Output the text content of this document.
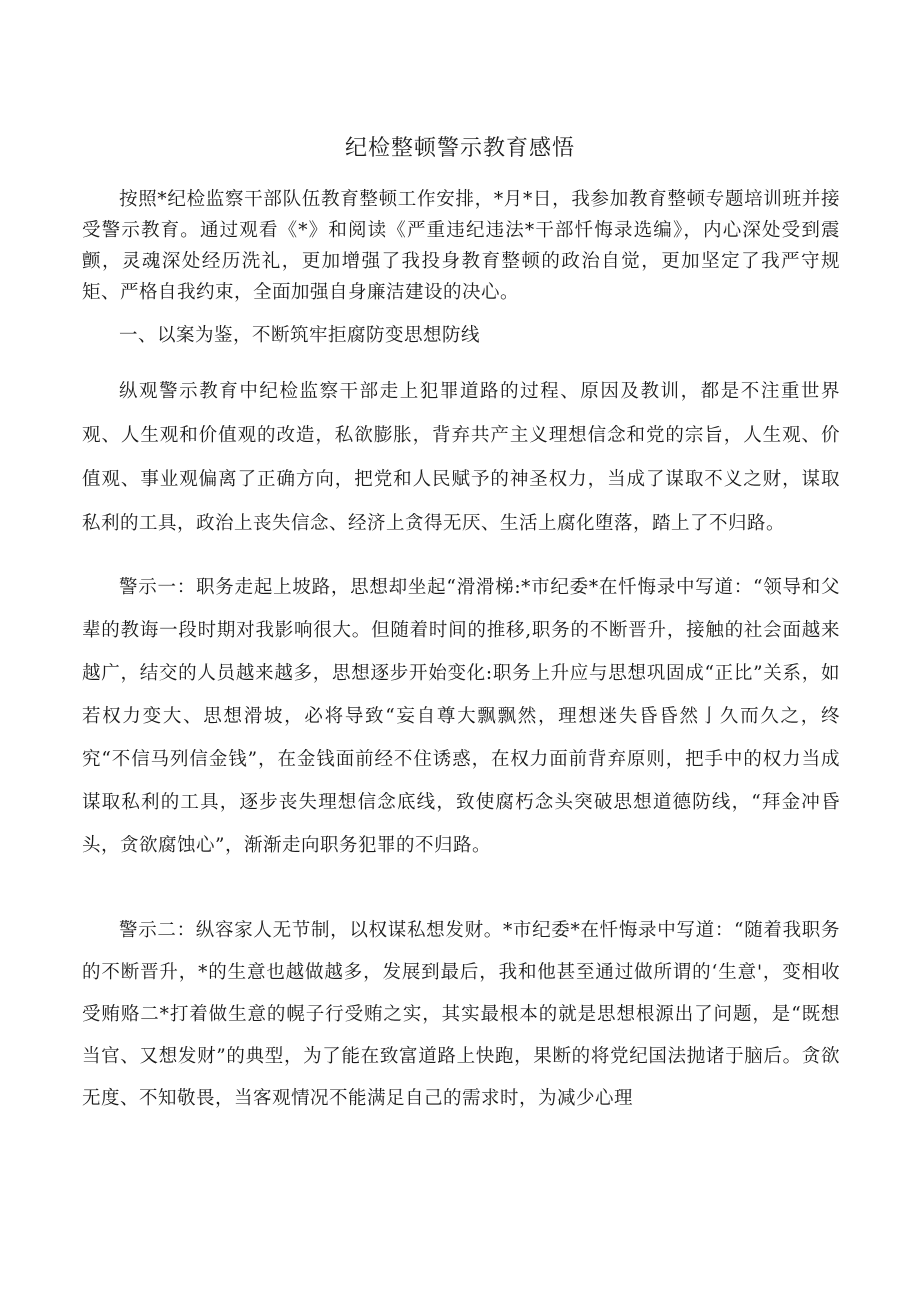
纪检整顿警示教育感悟

按照*纪检监察干部队伍教育整顿工作安排，*月*日，我参加教育整顿专题培训班并接受警示教育。通过观看《*》和阅读《严重违纪违法*干部忏悔录选编》，内心深处受到震颤，灵魂深处经历洗礼，更加增强了我投身教育整顿的政治自觉，更加坚定了我严守规矩、严格自我约束，全面加强自身廉洁建设的决心。

一、以案为鉴，不断筑牢拒腐防变思想防线

纵观警示教育中纪检监察干部走上犯罪道路的过程、原因及教训，都是不注重世界观、人生观和价值观的改造，私欲膨胀，背弃共产主义理想信念和党的宗旨，人生观、价值观、事业观偏离了正确方向，把党和人民赋予的神圣权力，当成了谋取不义之财，谋取私利的工具，政治上丧失信念、经济上贪得无厌、生活上腐化堕落，踏上了不归路。

警示一：职务走起上坡路，思想却坐起“滑滑梯:*市纪委*在忏悔录中写道：“领导和父辈的教诲一段时期对我影响很大。但随着时间的推移,职务的不断晋升，接触的社会面越来越广，结交的人员越来越多，思想逐步开始变化:职务上升应与思想巩固成“正比”关系，如若权力变大、思想滑坡，必将导致“妄自尊大飘飘然，理想迷失昏昏然亅久而久之，终究“不信马列信金钱”，在金钱面前经不住诱惑，在权力面前背弃原则，把手中的权力当成谋取私利的工具，逐步丧失理想信念底线，致使腐朽念头突破思想道德防线，“拜金冲昏头，贪欲腐蚀心”，渐渐走向职务犯罪的不归路。

警示二：纵容家人无节制，以权谋私想发财。*市纪委*在忏悔录中写道：“随着我职务的不断晋升，*的生意也越做越多，发展到最后，我和他甚至通过做所谓的‘生意'，变相收受贿赂二*打着做生意的幌子行受贿之实，其实最根本的就是思想根源出了问题，是“既想当官、又想发财”的典型，为了能在致富道路上快跑，果断的将党纪国法抛诸于脑后。贪欲无度、不知敬畏，当客观情况不能满足自己的需求时，为减少心理
